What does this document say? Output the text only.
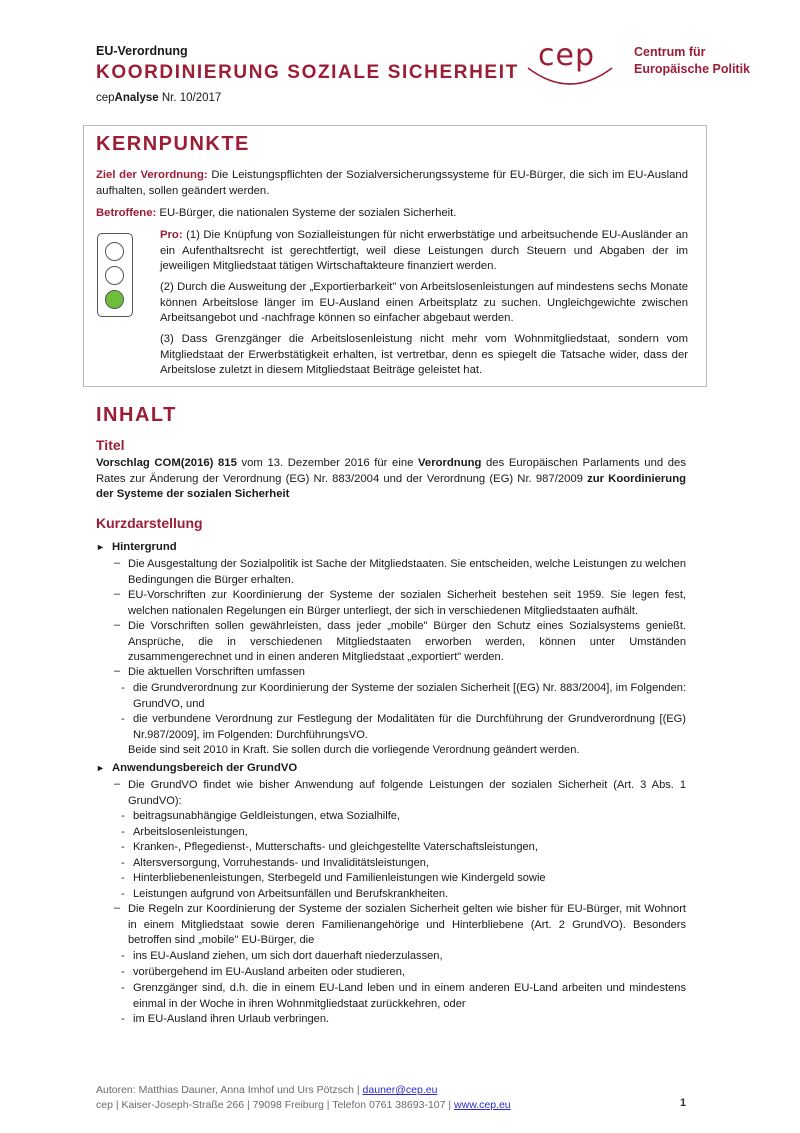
EU-Verordnung
KOORDINIERUNG SOZIALE SICHERHEIT
cepAnalyse Nr. 10/2017
cep	Centrum für
Europäische Politik
KERNPUNKTE
Ziel der Verordnung: Die Leistungspflichten der Sozialversicherungssysteme für EU-Bürger, die sich im EU-Ausland aufhalten, sollen geändert werden.
Betroffene: EU-Bürger, die nationalen Systeme der sozialen Sicherheit.
Pro: (1) Die Knüpfung von Sozialleistungen für nicht erwerbstätige und arbeitsuchende EU-Ausländer an ein Aufenthaltsrecht ist gerechtfertigt, weil diese Leistungen durch Steuern und Abgaben der im jeweiligen Mitgliedstaat tätigen Wirtschaftakteure finanziert werden.
(2) Durch die Ausweitung der „Exportierbarkeit" von Arbeitslosenleistungen auf mindestens sechs Monate können Arbeitslose länger im EU-Ausland einen Arbeitsplatz zu suchen. Ungleichgewichte zwischen Arbeitsangebot und -nachfrage können so einfacher abgebaut werden.
(3) Dass Grenzgänger die Arbeitslosenleistung nicht mehr vom Wohnmitgliedstaat, sondern vom Mitgliedstaat der Erwerbstätigkeit erhalten, ist vertretbar, denn es spiegelt die Tatsache wider, dass der Arbeitslose zuletzt in diesem Mitgliedstaat Beiträge geleistet hat.
INHALT
Titel
Vorschlag COM(2016) 815 vom 13. Dezember 2016 für eine Verordnung des Europäischen Parlaments und des Rates zur Änderung der Verordnung (EG) Nr. 883/2004 und der Verordnung (EG) Nr. 987/2009 zur Koordinierung der Systeme der sozialen Sicherheit
Kurzdarstellung
► Hintergrund
– Die Ausgestaltung der Sozialpolitik ist Sache der Mitgliedstaaten. Sie entscheiden, welche Leistungen zu welchen Bedingungen die Bürger erhalten.
– EU-Vorschriften zur Koordinierung der Systeme der sozialen Sicherheit bestehen seit 1959. Sie legen fest, welchen nationalen Regelungen ein Bürger unterliegt, der sich in verschiedenen Mitgliedstaaten aufhält.
– Die Vorschriften sollen gewährleisten, dass jeder „mobile" Bürger den Schutz eines Sozialsystems genießt. Ansprüche, die in verschiedenen Mitgliedstaaten erworben werden, können unter Umständen zusammengerechnet und in einen anderen Mitgliedstaat „exportiert" werden.
– Die aktuellen Vorschriften umfassen
- die Grundverordnung zur Koordinierung der Systeme der sozialen Sicherheit [(EG) Nr. 883/2004], im Folgenden: GrundVO, und
- die verbundene Verordnung zur Festlegung der Modalitäten für die Durchführung der Grundverordnung [(EG) Nr.987/2009], im Folgenden: DurchführungsVO.
Beide sind seit 2010 in Kraft. Sie sollen durch die vorliegende Verordnung geändert werden.
► Anwendungsbereich der GrundVO
– Die GrundVO findet wie bisher Anwendung auf folgende Leistungen der sozialen Sicherheit (Art. 3 Abs. 1 GrundVO):
- beitragsunabhängige Geldleistungen, etwa Sozialhilfe,
- Arbeitslosenleistungen,
- Kranken-, Pflegedienst-, Mutterschafts- und gleichgestellte Vaterschaftsleistungen,
- Altersversorgung, Vorruhestands- und Invaliditätsleistungen,
- Hinterbliebenenleistungen, Sterbegeld und Familienleistungen wie Kindergeld sowie
- Leistungen aufgrund von Arbeitsunfällen und Berufskrankheiten.
– Die Regeln zur Koordinierung der Systeme der sozialen Sicherheit gelten wie bisher für EU-Bürger, mit Wohnort in einem Mitgliedstaat sowie deren Familienangehörige und Hinterbliebene (Art. 2 GrundVO). Besonders betroffen sind „mobile" EU-Bürger, die
- ins EU-Ausland ziehen, um sich dort dauerhaft niederzulassen,
- vorübergehend im EU-Ausland arbeiten oder studieren,
- Grenzgänger sind, d.h. die in einem EU-Land leben und in einem anderen EU-Land arbeiten und mindestens einmal in der Woche in ihren Wohnmitgliedstaat zurückkehren, oder
- im EU-Ausland ihren Urlaub verbringen.
Autoren: Matthias Dauner, Anna Imhof und Urs Pötzsch | dauner@cep.eu
cep | Kaiser-Joseph-Straße 266 | 79098 Freiburg | Telefon 0761 38693-107 | www.cep.eu	1
